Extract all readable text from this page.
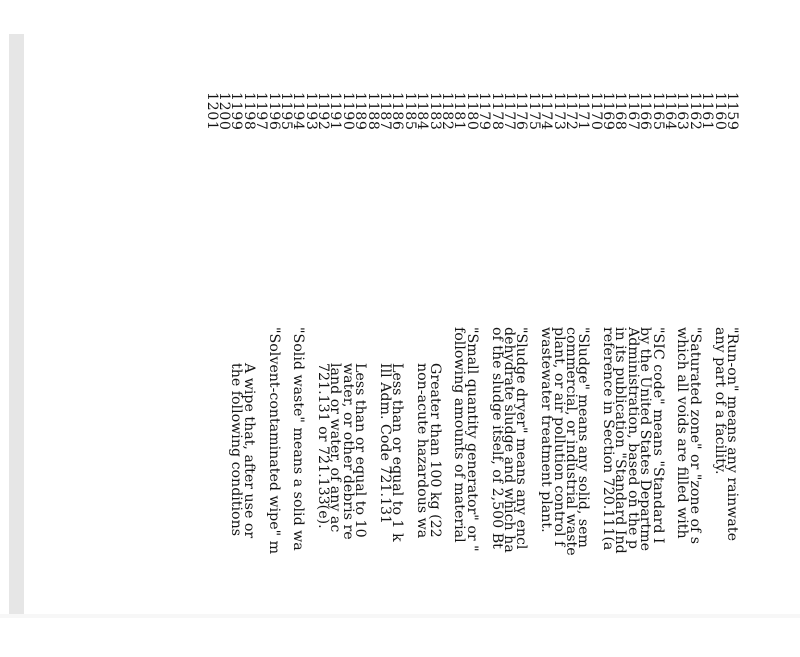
1159
1160
1161
1162
1163
1164
1165
1166
1167
1168
1169
1170
1171
1172
1173
1174
1175
1176
1177
1178
1179
1180
1181
1182
1183
1184
1185
1186
1187
1188
1189
1190
1191
1192
1193
1194
1195
1196
1197
1198
1199
1200
1201
"Run-on" means any rainwate
any part of a facility.
"Saturated zone" or "zone of s
which all voids are filled with
"SIC code" means "Standard I
by the United States Departme
Administration, based on the p
in its publication "Standard Ind
reference in Section 720.111(a
"Sludge" means any solid, sem
commercial, or industrial waste
plant, or air pollution control f
wastewater treatment plant.
"Sludge dryer" means any encl
dehydrate sludge and which ha
of the sludge itself, of 2,500 Bt
"Small quantity generator" or "
following amounts of material
Greater than 100 kg (22
non-acute hazardous wa
Less than or equal to 1 k
Ill Adm. Code 721.131
Less than or equal to 10
water, or other debris re
land or water, of any ac
721.131 or 721.133(e).
"Solid waste" means a solid wa
"Solvent-contaminated wipe" m
A wipe that, after use or
the following conditions
